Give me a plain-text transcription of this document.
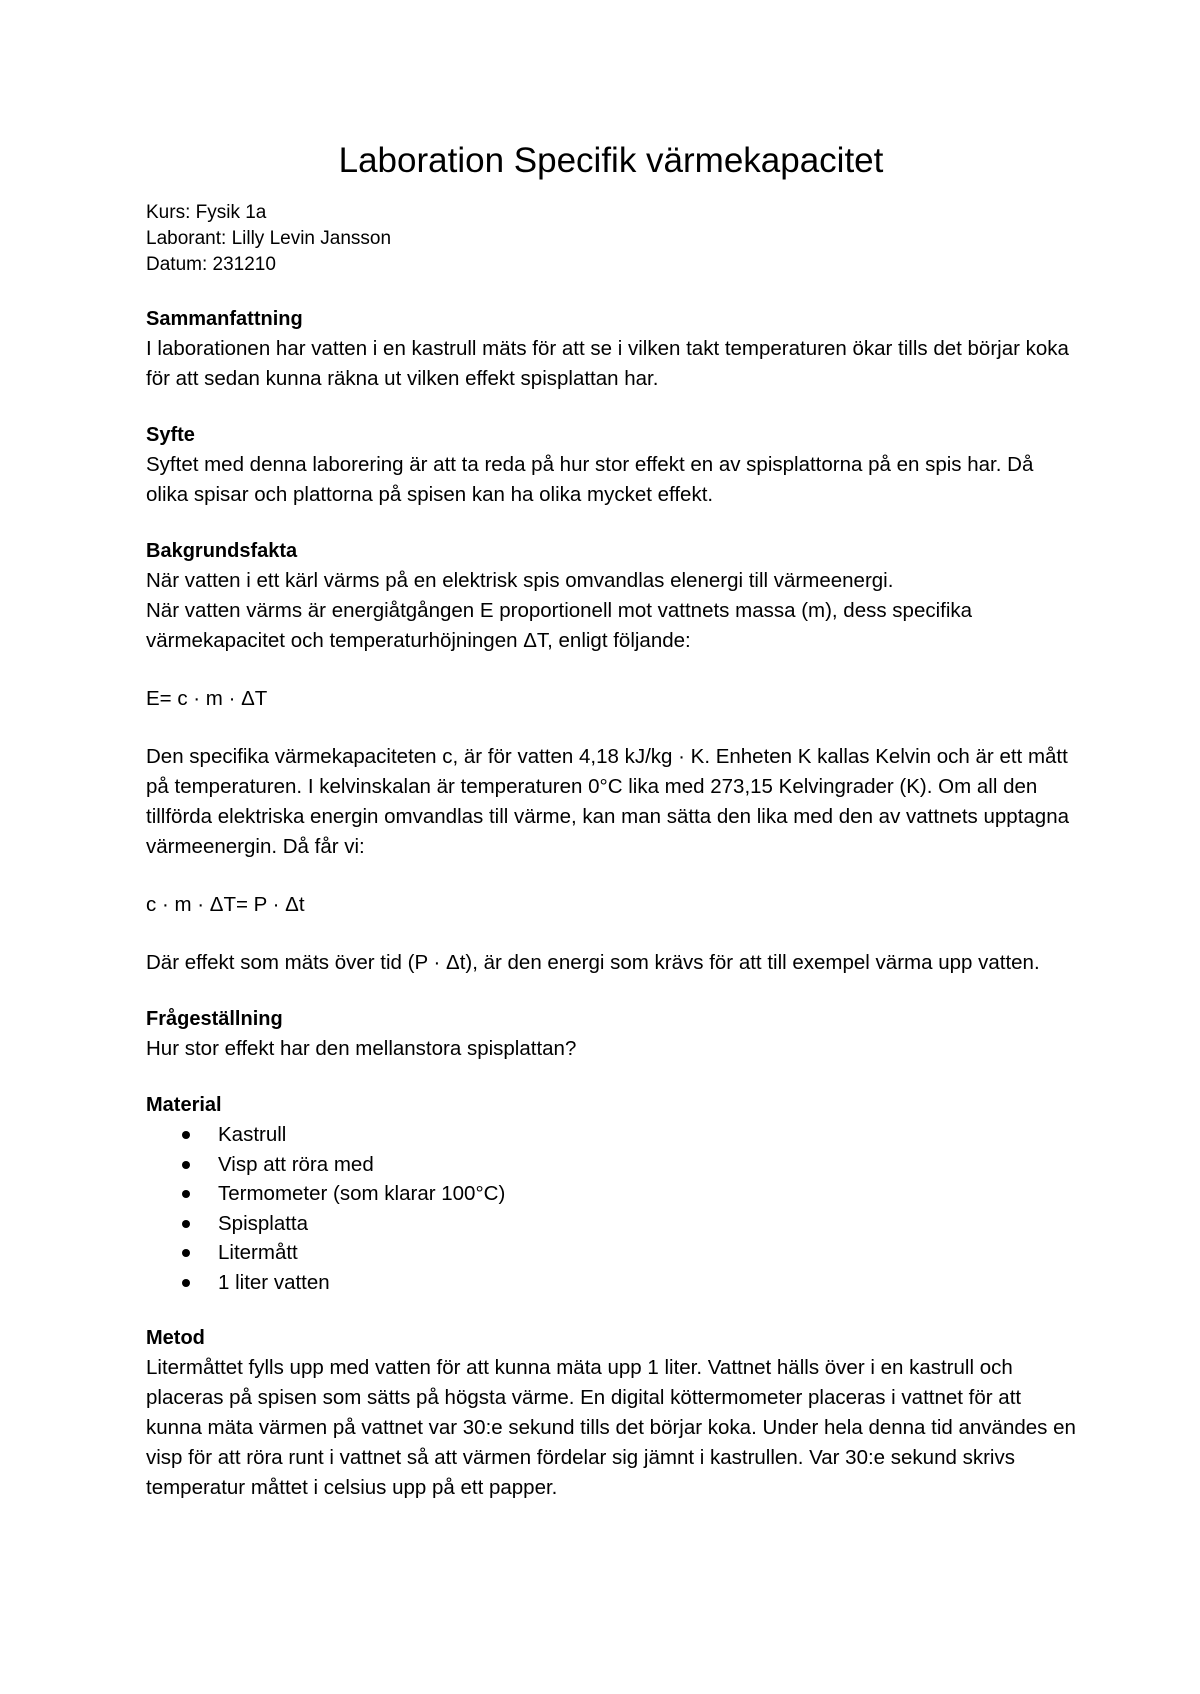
Laboration Specifik värmekapacitet

Kurs: Fysik 1a

Laborant: Lilly Levin Jansson

Datum: 231210

Sammanfattning

I laborationen har vatten i en kastrull mäts för att se i vilken takt temperaturen ökar tills det börjar koka för att sedan kunna räkna ut vilken effekt spisplattan har.

Syfte

Syftet med denna laborering är att ta reda på hur stor effekt en av spisplattorna på en spis har. Då olika spisar och plattorna på spisen kan ha olika mycket effekt.

Bakgrundsfakta

När vatten i ett kärl värms på en elektrisk spis omvandlas elenergi till värmeenergi.

När vatten värms är energiåtgången E proportionell mot vattnets massa (m), dess specifika värmekapacitet och temperaturhöjningen ΔT, enligt följande:

E= c · m · ΔT

Den specifika värmekapaciteten c, är för vatten 4,18 kJ/kg · K. Enheten K kallas Kelvin och är ett mått på temperaturen. I kelvinskalan är temperaturen 0°C lika med 273,15 Kelvingrader (K). Om all den tillförda elektriska energin omvandlas till värme, kan man sätta den lika med den av vattnets upptagna värmeenergin. Då får vi:

c · m · ΔT= P · Δt

Där effekt som mäts över tid (P · Δt), är den energi som krävs för att till exempel värma upp vatten.

Frågeställning

Hur stor effekt har den mellanstora spisplattan?

Material
Kastrull
Visp att röra med
Termometer (som klarar 100°C)
Spisplatta
Litermått
1 liter vatten
Metod

Litermåttet fylls upp med vatten för att kunna mäta upp 1 liter. Vattnet hälls över i en kastrull och placeras på spisen som sätts på högsta värme. En digital köttermometer placeras i vattnet för att kunna mäta värmen på vattnet var 30:e sekund tills det börjar koka. Under hela denna tid användes en visp för att röra runt i vattnet så att värmen fördelar sig jämnt i kastrullen. Var 30:e sekund skrivs temperatur måttet i celsius upp på ett papper.
